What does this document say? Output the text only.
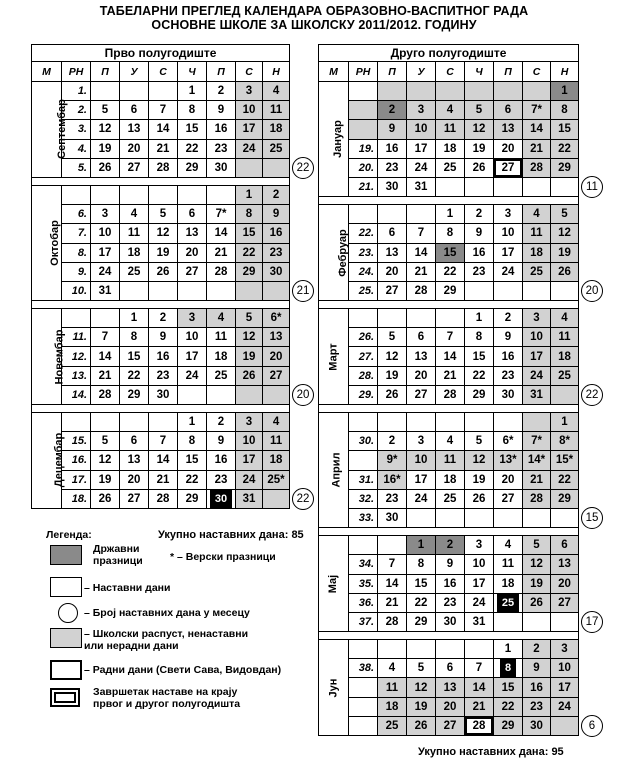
ТАБЕЛАРНИ ПРЕГЛЕД КАЛЕНДАРА ОБРАЗОВНО-ВАСПИТНОГ РАДА
ОСНОВНЕ ШКОЛЕ ЗА ШКОЛСКУ 2011/2012. ГОДИНУ
Укупно наставних дана: 85
Укупно наставних дана: 95
Легенда:
Државни празници	* – Верски празници
– Наставни дани
– Број наставних дана у месецу
– Школски распуст, ненаставни или нерадни дани
– Радни дани (Свети Сава, Видовдан)
Завршетак наставе на крају првог и другог полугодишта
Прво полугодиште								
М	РН	П	У	С	Ч	П	С	Н
Септембар	1.				1	2	3	4
	2.	5	6	7	8	9	10	11
	3.	12	13	14	15	16	17	18
	4.	19	20	21	22	23	24	25
	5.	26	27	28	29	30		

Октобар							1	2
	6.	3	4	5	6	7*	8	9
	7.	10	11	12	13	14	15	16
	8.	17	18	19	20	21	22	23
	9.	24	25	26	27	28	29	30
	10.	31						

Новембар			1	2	3	4	5	6*
	11.	7	8	9	10	11	12	13
	12.	14	15	16	17	18	19	20
	13.	21	22	23	24	25	26	27
	14.	28	29	30				

Децембар					1	2	3	4
	15.	5	6	7	8	9	10	11
	16.	12	13	14	15	16	17	18
	17.	19	20	21	22	23	24	25*
	18.	26	27	28	29	30	31	
22
21
20
22
Друго полугодиште								
М	РН	П	У	С	Ч	П	С	Н
Јануар								1
		2	3	4	5	6	7*	8
		9	10	11	12	13	14	15
	19.	16	17	18	19	20	21	22
	20.	23	24	25	26	27	28	29
	21.	30	31					

Фебруар				1	2	3	4	5
	22.	6	7	8	9	10	11	12
	23.	13	14	15	16	17	18	19
	24.	20	21	22	23	24	25	26
	25.	27	28	29				

Март					1	2	3	4
	26.	5	6	7	8	9	10	11
	27.	12	13	14	15	16	17	18
	28.	19	20	21	22	23	24	25
	29.	26	27	28	29	30	31	

Април								1
	30.	2	3	4	5	6*	7*	8*
		9*	10	11	12	13*	14*	15*
	31.	16*	17	18	19	20	21	22
	32.	23	24	25	26	27	28	29
	33.	30						

Мај			1	2	3	4	5	6
	34.	7	8	9	10	11	12	13
	35.	14	15	16	17	18	19	20
	36.	21	22	23	24	25	26	27
	37.	28	29	30	31			

Јун						1	2	3
	38.	4	5	6	7	8	9	10
		11	12	13	14	15	16	17
		18	19	20	21	22	23	24
		25	26	27	28	29	30	
11
20
22
15
17
6
